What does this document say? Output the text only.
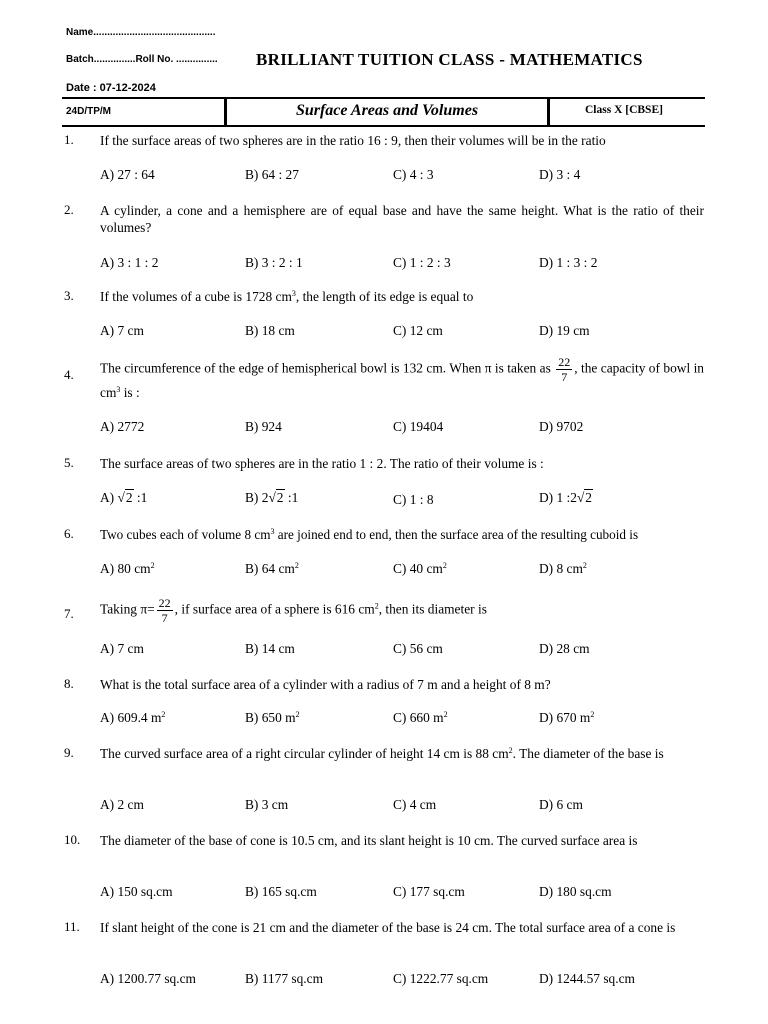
Name............................................
Batch...............Roll No. ............... BRILLIANT TUITION CLASS - MATHEMATICS
Date : 07-12-2024
24D/TP/M	Surface Areas and Volumes	Class X [CBSE]
1. If the surface areas of two spheres are in the ratio 16 : 9, then their volumes will be in the ratio
A) 27 : 64	B) 64 : 27	C) 4 : 3	D) 3 : 4
2. A cylinder, a cone and a hemisphere are of equal base and have the same height. What is the ratio of their volumes?
A) 3 : 1 : 2	B) 3 : 2 : 1	C) 1 : 2 : 3	D) 1 : 3 : 2
3. If the volumes of a cube is 1728 $cm^3$, the length of its edge is equal to
A) 7 cm	B) 18 cm	C) 12 cm	D) 19 cm
4. The circumference of the edge of hemispherical bowl is 132 cm. When π is taken as $\frac{22}{7}$ , the capacity of bowl in $cm^3$ is :
A) 2772	B) 924	C) 19404	D) 9702
5. The surface areas of two spheres are in the ratio 1 : 2. The ratio of their volume is :
A) √2 :1	B) 2√2 :1	C) 1 : 8	D) 1 :2√2
6. Two cubes each of volume 8 $cm^3$ are joined end to end, then the surface area of the resulting cuboid is
A) 80 $cm^2$	B) 64 $cm^2$	C) 40 $cm^2$	D) 8 $cm^2$
7. Taking $\pi= \frac{22}{7}$ , if surface area of a sphere is 616 $cm^2$, then its diameter is
A) 7 cm	B) 14 cm	C) 56 cm	D) 28 cm
8. What is the total surface area of a cylinder with a radius of 7 m and a height of 8 m?
A) 609.4 $m^2$	B) 650 $m^2$	C) 660 $m^2$	D) 670 $m^2$
9. The curved surface area of a right circular cylinder of height 14 cm is 88 $cm^2$. The diameter of the base is
A) 2 cm	B) 3 cm	C) 4 cm	D) 6 cm
10. The diameter of the base of cone is 10.5 cm, and its slant height is 10 cm. The curved surface area is
A) 150 sq.cm	B) 165 sq.cm	C) 177 sq.cm	D) 180 sq.cm
11. If slant height of the cone is 21 cm and the diameter of the base is 24 cm. The total surface area of a cone is
A) 1200.77 sq.cm	B) 1177 sq.cm	C) 1222.77 sq.cm	D) 1244.57 sq.cm
